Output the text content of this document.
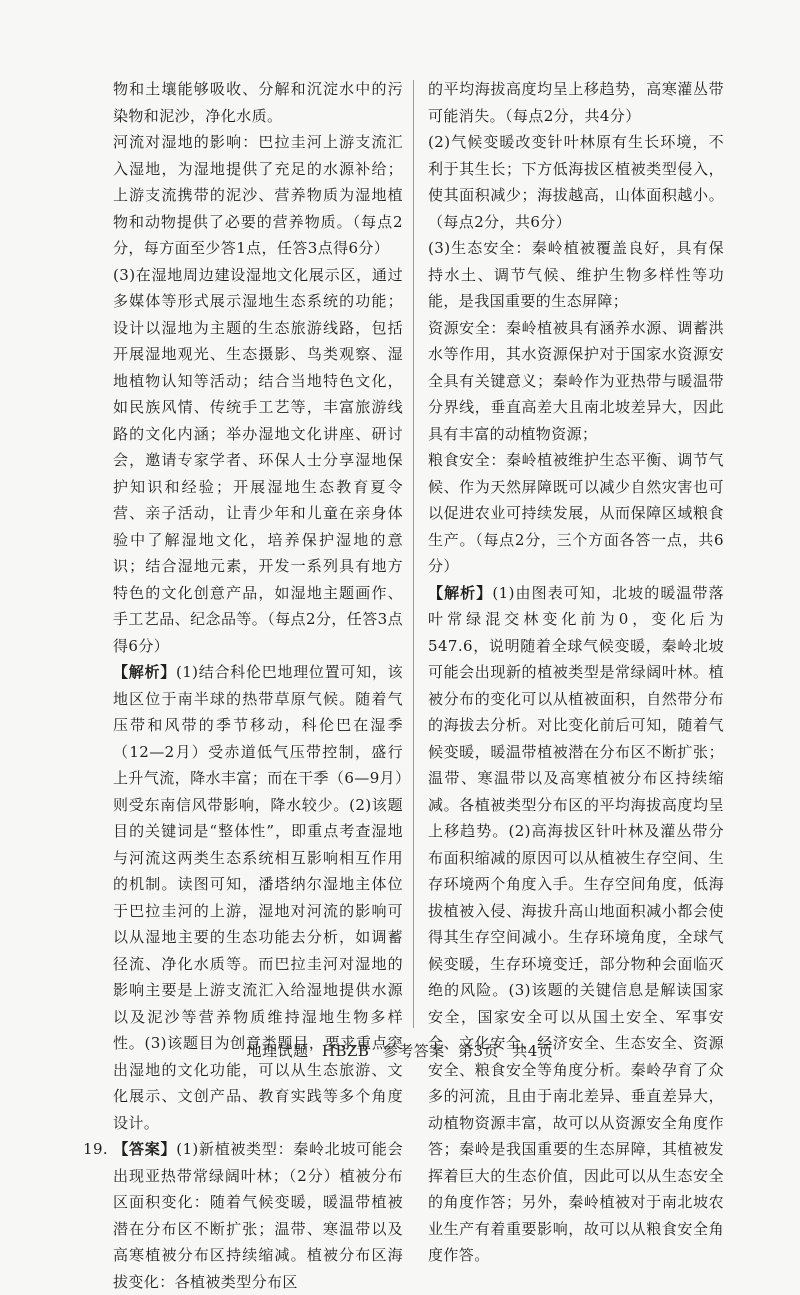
物和土壤能够吸收、分解和沉淀水中的污染物和泥沙，净化水质。

河流对湿地的影响：巴拉圭河上游支流汇入湿地，为湿地提供了充足的水源补给；上游支流携带的泥沙、营养物质为湿地植物和动物提供了必要的营养物质。（每点2分，每方面至少答1点，任答3点得6分）

(3)在湿地周边建设湿地文化展示区，通过多媒体等形式展示湿地生态系统的功能；设计以湿地为主题的生态旅游线路，包括开展湿地观光、生态摄影、鸟类观察、湿地植物认知等活动；结合当地特色文化，如民族风情、传统手工艺等，丰富旅游线路的文化内涵；举办湿地文化讲座、研讨会，邀请专家学者、环保人士分享湿地保护知识和经验；开展湿地生态教育夏令营、亲子活动，让青少年和儿童在亲身体验中了解湿地文化，培养保护湿地的意识；结合湿地元素，开发一系列具有地方特色的文化创意产品，如湿地主题画作、手工艺品、纪念品等。（每点2分，任答3点得6分）

【解析】(1)结合科伦巴地理位置可知，该地区位于南半球的热带草原气候。随着气压带和风带的季节移动，科伦巴在湿季（12—2月）受赤道低气压带控制，盛行上升气流，降水丰富；而在干季（6—9月）则受东南信风带影响，降水较少。(2)该题目的关键词是“整体性”，即重点考查湿地与河流这两类生态系统相互影响相互作用的机制。读图可知，潘塔纳尔湿地主体位于巴拉圭河的上游，湿地对河流的影响可以从湿地主要的生态功能去分析，如调蓄径流、净化水质等。而巴拉圭河对湿地的影响主要是上游支流汇入给湿地提供水源以及泥沙等营养物质维持湿地生物多样性。(3)该题目为创意类题目，要求重点突出湿地的文化功能，可以从生态旅游、文化展示、文创产品、教育实践等多个角度设计。

19. 【答案】(1)新植被类型：秦岭北坡可能会出现亚热带常绿阔叶林；（2分）植被分布区面积变化：随着气候变暖，暖温带植被潜在分布区不断扩张；温带、寒温带以及高寒植被分布区持续缩减。植被分布区海拔变化：各植被类型分布区

的平均海拔高度均呈上移趋势，高寒灌丛带可能消失。（每点2分，共4分）

(2)气候变暖改变针叶林原有生长环境，不利于其生长；下方低海拔区植被类型侵入，使其面积减少；海拔越高，山体面积越小。（每点2分，共6分）

(3)生态安全：秦岭植被覆盖良好，具有保持水土、调节气候、维护生物多样性等功能，是我国重要的生态屏障；

资源安全：秦岭植被具有涵养水源、调蓄洪水等作用，其水资源保护对于国家水资源安全具有关键意义；秦岭作为亚热带与暖温带分界线，垂直高差大且南北坡差异大，因此具有丰富的动植物资源；

粮食安全：秦岭植被维护生态平衡、调节气候、作为天然屏障既可以减少自然灾害也可以促进农业可持续发展，从而保障区域粮食生产。（每点2分，三个方面各答一点，共6分）

【解析】(1)由图表可知，北坡的暖温带落叶常绿混交林变化前为0，变化后为547.6，说明随着全球气候变暖，秦岭北坡可能会出现新的植被类型是常绿阔叶林。植被分布的变化可以从植被面积，自然带分布的海拔去分析。对比变化前后可知，随着气候变暖，暖温带植被潜在分布区不断扩张；温带、寒温带以及高寒植被分布区持续缩减。各植被类型分布区的平均海拔高度均呈上移趋势。(2)高海拔区针叶林及灌丛带分布面积缩减的原因可以从植被生存空间、生存环境两个角度入手。生存空间角度，低海拔植被入侵、海拔升高山地面积减小都会使得其生存空间减小。生存环境角度，全球气候变暖，生存环境变迁，部分物种会面临灭绝的风险。(3)该题的关键信息是解读国家安全，国家安全可以从国土安全、军事安全、文化安全、经济安全、生态安全、资源安全、粮食安全等角度分析。秦岭孕育了众多的河流，且由于南北差异、垂直差异大，动植物资源丰富，故可以从资源安全角度作答；秦岭是我国重要的生态屏障，其植被发挥着巨大的生态价值，因此可以从生态安全的角度作答；另外，秦岭植被对于南北坡农业生产有着重要影响，故可以从粮食安全角度作答。

地理试题 HBZB 参考答案 第3页 共4页
